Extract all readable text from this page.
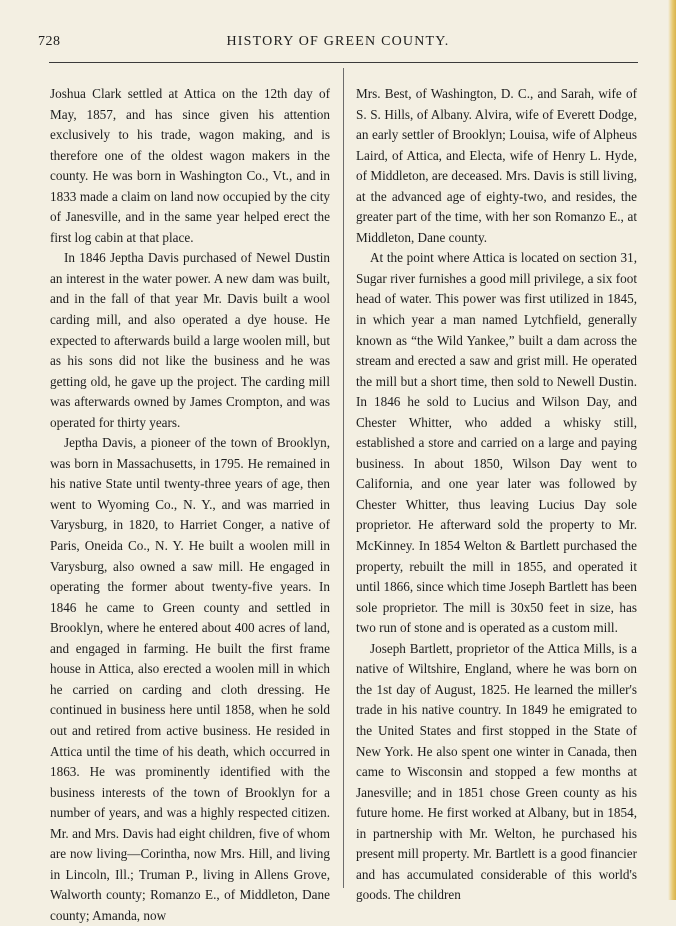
728	HISTORY OF GREEN COUNTY.

Joshua Clark settled at Attica on the 12th day of May, 1857, and has since given his attention exclusively to his trade, wagon making, and is therefore one of the oldest wagon makers in the county. He was born in Washington Co., Vt., and in 1833 made a claim on land now occupied by the city of Janesville, and in the same year helped erect the first log cabin at that place.

In 1846 Jeptha Davis purchased of Newel Dustin an interest in the water power. A new dam was built, and in the fall of that year Mr. Davis built a wool carding mill, and also operated a dye house. He expected to afterwards build a large woolen mill, but as his sons did not like the business and he was getting old, he gave up the project. The carding mill was afterwards owned by James Crompton, and was operated for thirty years.

Jeptha Davis, a pioneer of the town of Brooklyn, was born in Massachusetts, in 1795. He remained in his native State until twenty-three years of age, then went to Wyoming Co., N. Y., and was married in Varysburg, in 1820, to Harriet Conger, a native of Paris, Oneida Co., N. Y. He built a woolen mill in Varysburg, also owned a saw mill. He engaged in operating the former about twenty-five years. In 1846 he came to Green county and settled in Brooklyn, where he entered about 400 acres of land, and engaged in farming. He built the first frame house in Attica, also erected a woolen mill in which he carried on carding and cloth dressing. He continued in business here until 1858, when he sold out and retired from active business. He resided in Attica until the time of his death, which occurred in 1863. He was prominently identified with the business interests of the town of Brooklyn for a number of years, and was a highly respected citizen. Mr. and Mrs. Davis had eight children, five of whom are now living—Corintha, now Mrs. Hill, and living in Lincoln, Ill.; Truman P., living in Allens Grove, Walworth county; Romanzo E., of Middleton, Dane county; Amanda, now

Mrs. Best, of Washington, D. C., and Sarah, wife of S. S. Hills, of Albany. Alvira, wife of Everett Dodge, an early settler of Brooklyn; Louisa, wife of Alpheus Laird, of Attica, and Electa, wife of Henry L. Hyde, of Middleton, are deceased. Mrs. Davis is still living, at the advanced age of eighty-two, and resides, the greater part of the time, with her son Romanzo E., at Middleton, Dane county.

At the point where Attica is located on section 31, Sugar river furnishes a good mill privilege, a six foot head of water. This power was first utilized in 1845, in which year a man named Lytchfield, generally known as “the Wild Yankee,” built a dam across the stream and erected a saw and grist mill. He operated the mill but a short time, then sold to Newell Dustin. In 1846 he sold to Lucius and Wilson Day, and Chester Whitter, who added a whisky still, established a store and carried on a large and paying business. In about 1850, Wilson Day went to California, and one year later was followed by Chester Whitter, thus leaving Lucius Day sole proprietor. He afterward sold the property to Mr. McKinney. In 1854 Welton & Bartlett purchased the property, rebuilt the mill in 1855, and operated it until 1866, since which time Joseph Bartlett has been sole proprietor. The mill is 30x50 feet in size, has two run of stone and is operated as a custom mill.

Joseph Bartlett, proprietor of the Attica Mills, is a native of Wiltshire, England, where he was born on the 1st day of August, 1825. He learned the miller's trade in his native country. In 1849 he emigrated to the United States and first stopped in the State of New York. He also spent one winter in Canada, then came to Wisconsin and stopped a few months at Janesville; and in 1851 chose Green county as his future home. He first worked at Albany, but in 1854, in partnership with Mr. Welton, he purchased his present mill property. Mr. Bartlett is a good financier and has accumulated considerable of this world's goods. The children
